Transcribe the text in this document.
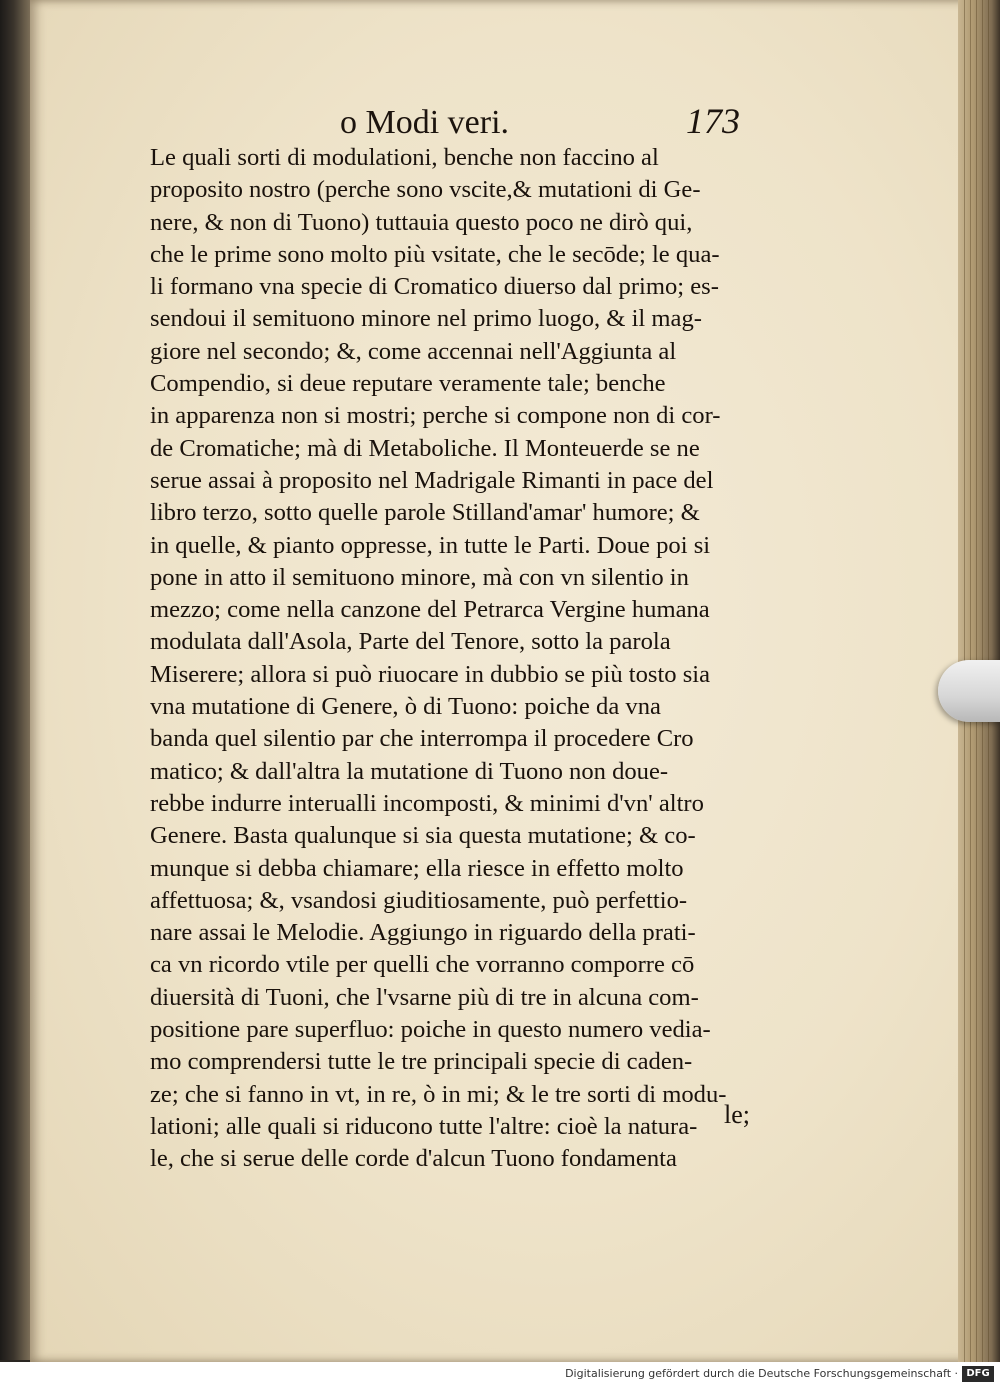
o Modi veri.	173
Le quali sorti di modulationi, benche non faccino al
proposito nostro (perche sono vscite,& mutationi di Ge-
nere, & non di Tuono) tuttauia questo poco ne dirò qui,
che le prime sono molto più vsitate, che le secōde; le qua-
li formano vna specie di Cromatico diuerso dal primo; es-
sendoui il semituono minore nel primo luogo, & il mag-
giore nel secondo; &, come accennai nell'Aggiunta al
Compendio, si deue reputare veramente tale; benche
in apparenza non si mostri; perche si compone non di cor-
de Cromatiche; mà di Metaboliche. Il Monteuerde se ne
serue assai à proposito nel Madrigale Rimanti in pace del
libro terzo, sotto quelle parole Stilland'amar' humore; &
in quelle, & pianto oppresse, in tutte le Parti. Doue poi si
pone in atto il semituono minore, mà con vn silentio in
mezzo; come nella canzone del Petrarca Vergine humana
modulata dall'Asola, Parte del Tenore, sotto la parola
Miserere; allora si può riuocare in dubbio se più tosto sia
vna mutatione di Genere, ò di Tuono: poiche da vna
banda quel silentio par che interrompa il procedere Cro
matico; & dall'altra la mutatione di Tuono non doue-
rebbe indurre interualli incomposti, & minimi d'vn' altro
Genere. Basta qualunque si sia questa mutatione; & co-
munque si debba chiamare; ella riesce in effetto molto
affettuosa; &, vsandosi giuditiosamente, può perfettio-
nare assai le Melodie. Aggiungo in riguardo della prati-
ca vn ricordo vtile per quelli che vorranno comporre cō
diuersità di Tuoni, che l'vsarne più di tre in alcuna com-
positione pare superfluo: poiche in questo numero vedia-
mo comprendersi tutte le tre principali specie di caden-
ze; che si fanno in vt, in re, ò in mi; & le tre sorti di modu-
lationi; alle quali si riducono tutte l'altre: cioè la natura-
le, che si serue delle corde d'alcun Tuono fondamenta
le;
Digitalisierung gefördert durch die Deutsche Forschungsgemeinschaft · DFG
